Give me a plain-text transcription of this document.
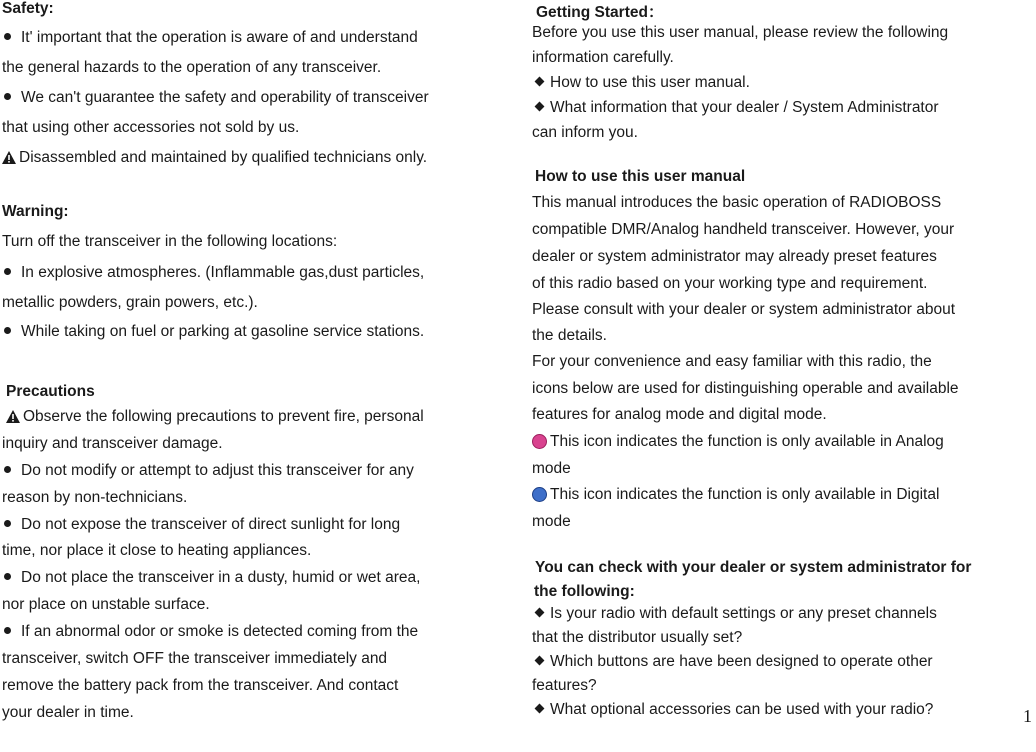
Safety:
It' important that the operation is aware of and understand
the general hazards to the operation of any transceiver.
We can't guarantee the safety and operability of transceiver
that using other accessories not sold by us.
Disassembled and maintained by qualified technicians only.
Warning:
Turn off the transceiver in the following locations:
In explosive atmospheres. (Inflammable gas,dust particles,
metallic powders, grain powers, etc.).
While taking on fuel or parking at gasoline service stations.
Precautions
Observe the following precautions to prevent fire, personal
inquiry and transceiver damage.
Do not modify or attempt to adjust this transceiver for any
reason by non-technicians.
Do not expose the transceiver of direct sunlight for long
time, nor place it close to heating appliances.
Do not place the transceiver in a dusty, humid or wet area,
nor place on unstable surface.
If an abnormal odor or smoke is detected coming from the
transceiver, switch OFF the transceiver immediately and
remove the battery pack from the transceiver. And contact
your dealer in time.
Getting Started：
Before you use this user manual, please review the following
information carefully.
How to use this user manual.
What information that your dealer / System Administrator
can inform you.
How to use this user manual
This manual introduces the basic operation of RADIOBOSS
compatible DMR/Analog handheld transceiver. However, your
dealer or system administrator may already preset features
of this radio based on your working type and requirement.
Please consult with your dealer or system administrator about
the details.
For your convenience and easy familiar with this radio, the
icons below are used for distinguishing operable and available
features for analog mode and digital mode.
This icon indicates the function is only available in Analog
mode
This icon indicates the function is only available in Digital
mode
You can check with your dealer or system administrator for
the following:
Is your radio with default settings or any preset channels
that the distributor usually set?
Which buttons are have been designed to operate other
features?
What optional accessories can be used with your radio?	1
